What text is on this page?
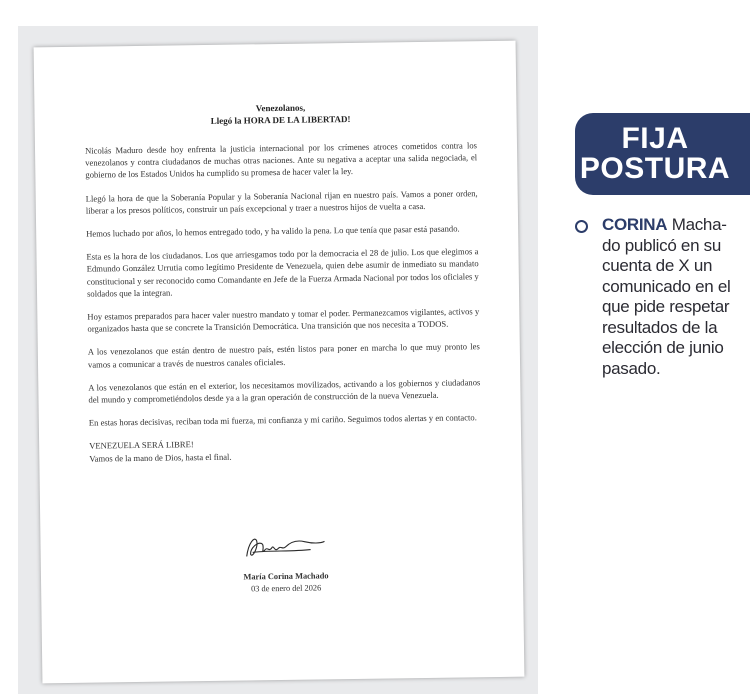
Venezolanos,
Llegó la HORA DE LA LIBERTAD!

Nicolás Maduro desde hoy enfrenta la justicia internacional por los crímenes atroces cometidos contra los venezolanos y contra ciudadanos de muchas otras naciones. Ante su negativa a aceptar una salida negociada, el gobierno de los Estados Unidos ha cumplido su promesa de hacer valer la ley.

Llegó la hora de que la Soberanía Popular y la Soberanía Nacional rijan en nuestro país. Vamos a poner orden, liberar a los presos políticos, construir un país excepcional y traer a nuestros hijos de vuelta a casa.

Hemos luchado por años, lo hemos entregado todo, y ha valido la pena. Lo que tenía que pasar está pasando.

Esta es la hora de los ciudadanos. Los que arriesgamos todo por la democracia el 28 de julio. Los que elegimos a Edmundo González Urrutia como legítimo Presidente de Venezuela, quien debe asumir de inmediato su mandato constitucional y ser reconocido como Comandante en Jefe de la Fuerza Armada Nacional por todos los oficiales y soldados que la integran.

Hoy estamos preparados para hacer valer nuestro mandato y tomar el poder. Permanezcamos vigilantes, activos y organizados hasta que se concrete la Transición Democrática. Una transición que nos necesita a TODOS.

A los venezolanos que están dentro de nuestro país, estén listos para poner en marcha lo que muy pronto les vamos a comunicar a través de nuestros canales oficiales.

A los venezolanos que están en el exterior, los necesitamos movilizados, activando a los gobiernos y ciudadanos del mundo y comprometiéndolos desde ya a la gran operación de construcción de la nueva Venezuela.

En estas horas decisivas, reciban toda mi fuerza, mi confianza y mi cariño. Seguimos todos alertas y en contacto.

VENEZUELA SERÁ LIBRE!
Vamos de la mano de Dios, hasta el final.
María Corina Machado
03 de enero del 2026
FIJA
POSTURA
CORINA Macha-
do publicó en su
cuenta de X un
comunicado en el
que pide respetar
resultados de la
elección de junio
pasado.
